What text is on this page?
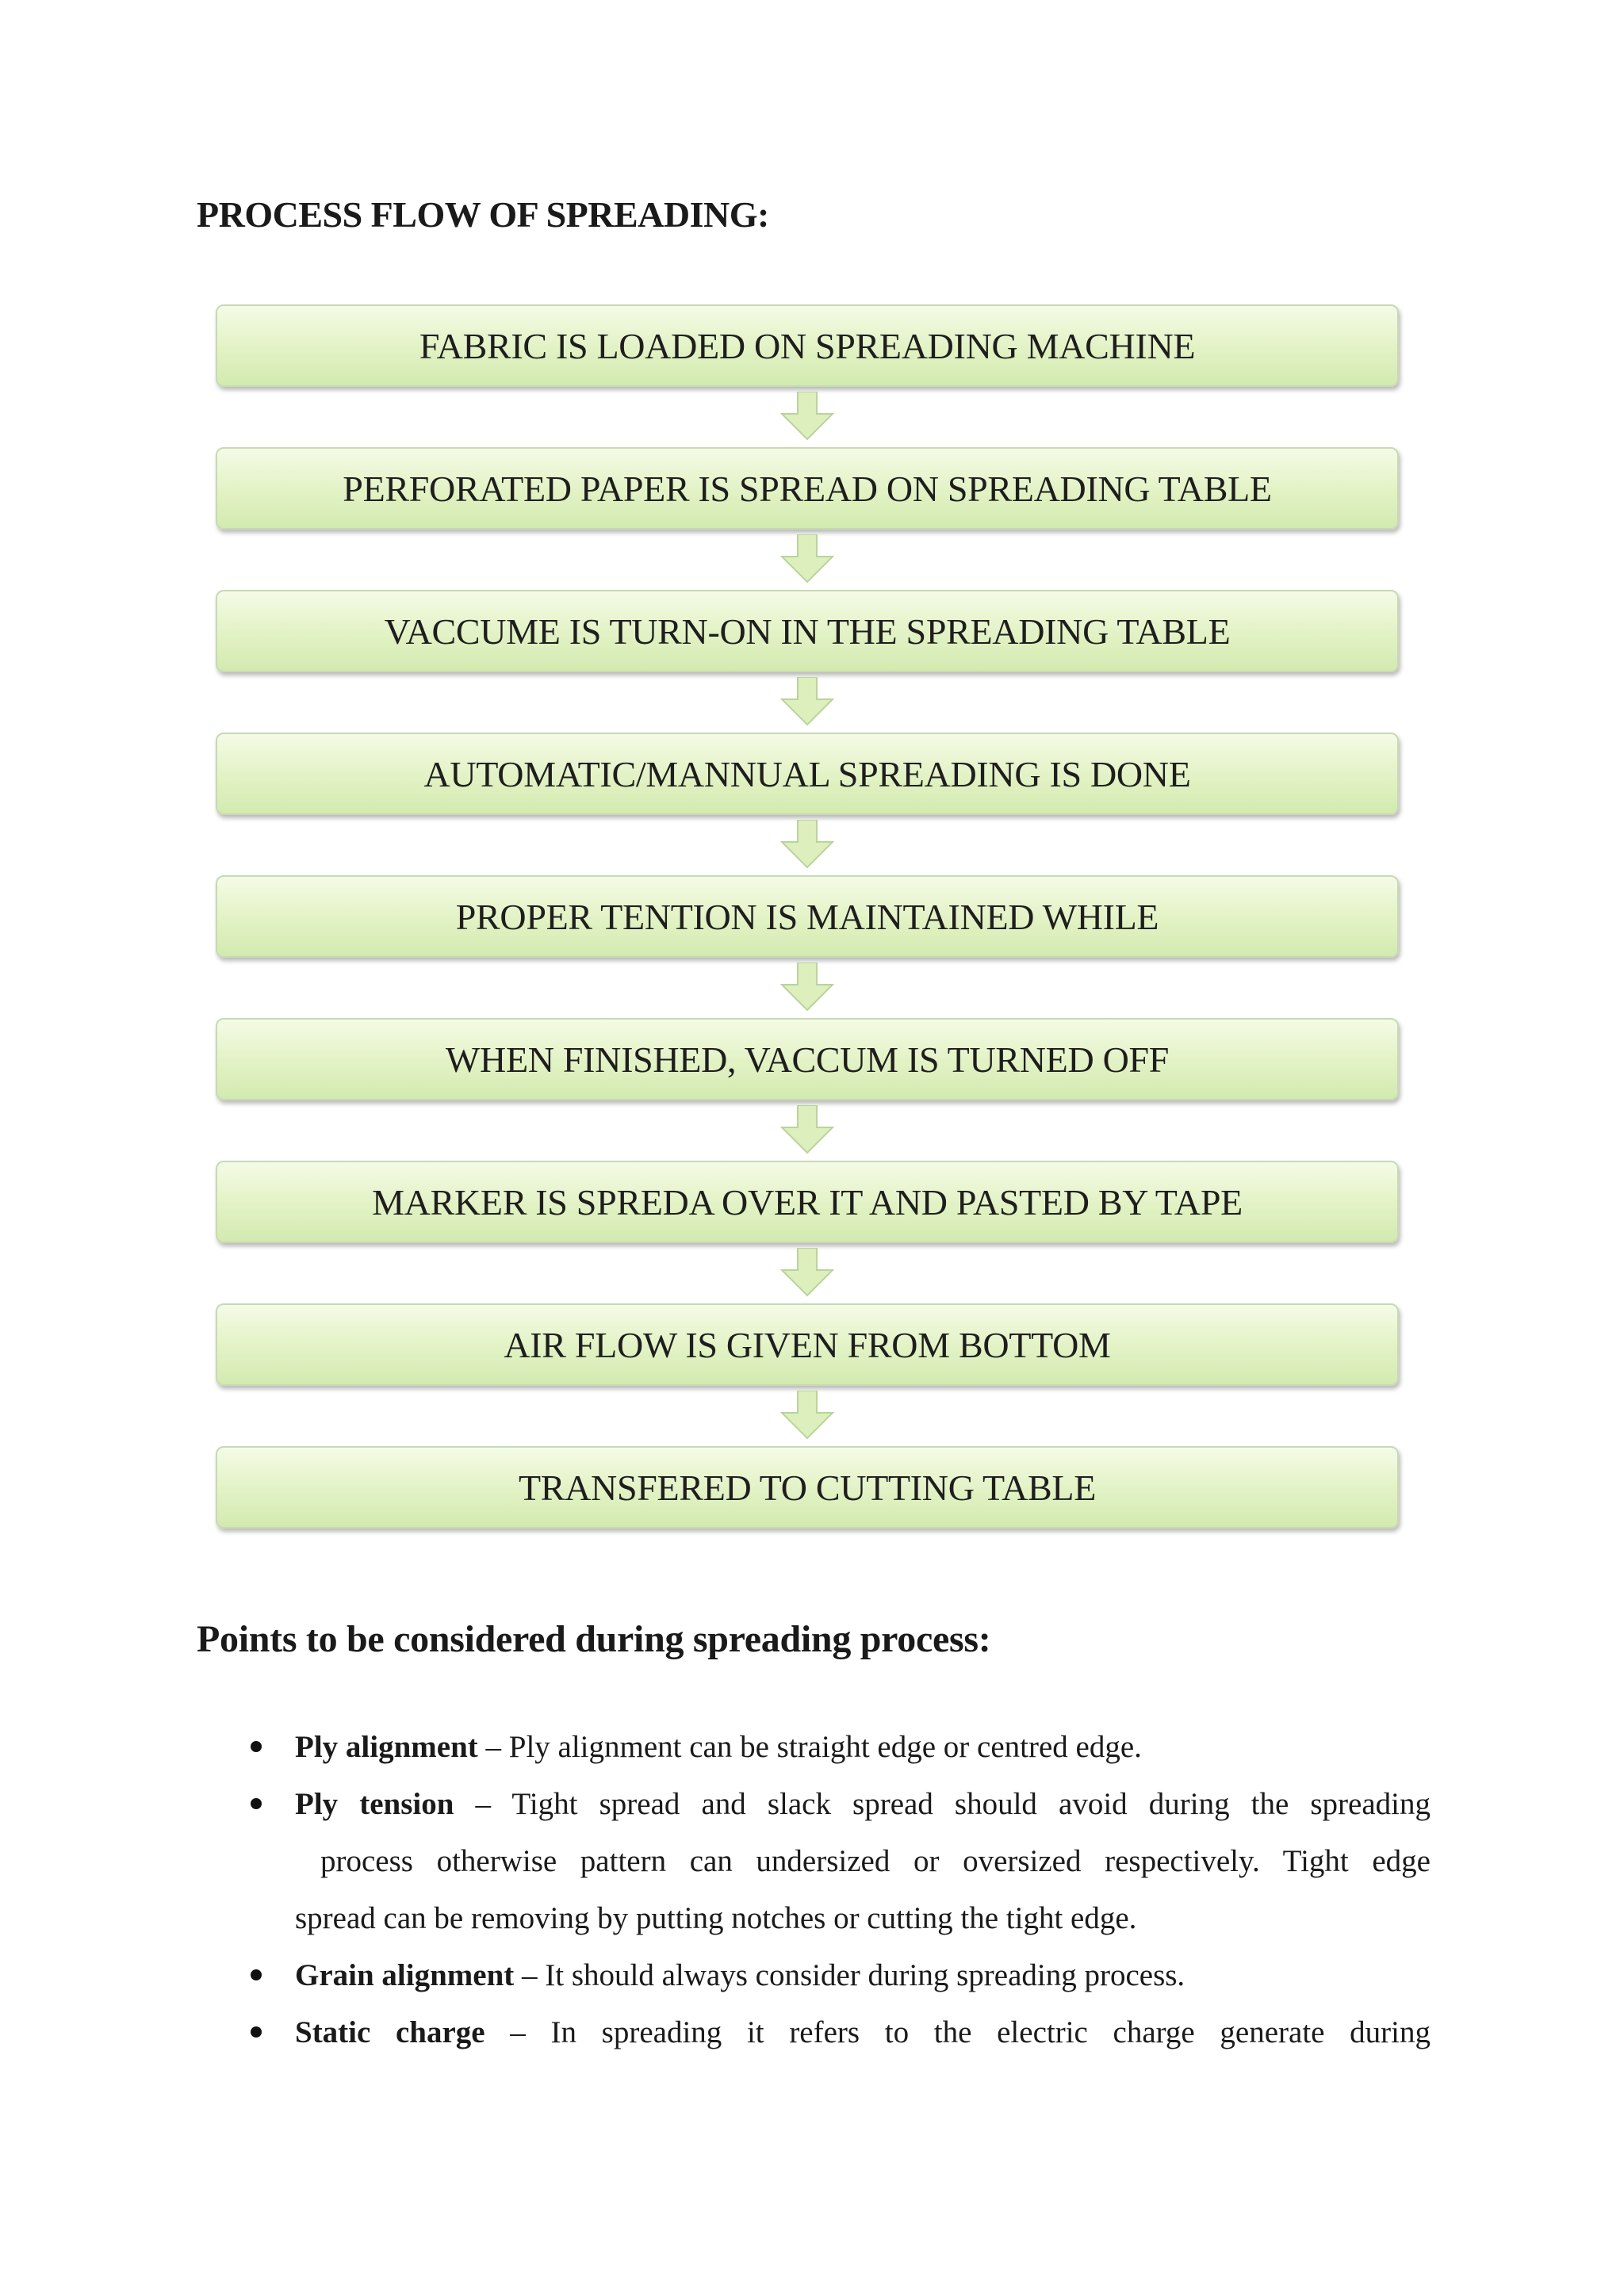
PROCESS FLOW OF SPREADING:
FABRIC IS LOADED ON SPREADING MACHINE
PERFORATED PAPER IS SPREAD ON SPREADING TABLE
VACCUME IS TURN-ON IN THE SPREADING TABLE
AUTOMATIC/MANNUAL SPREADING IS DONE
PROPER TENTION IS MAINTAINED WHILE
WHEN FINISHED, VACCUM IS TURNED OFF
MARKER IS SPREDA OVER IT AND PASTED BY TAPE
AIR FLOW IS GIVEN FROM BOTTOM
TRANSFERED TO CUTTING TABLE
Points to be considered during spreading process:
Ply alignment – Ply alignment can be straight edge or centred edge.
Ply tension – Tight spread and slack spread should avoid during the spreading
process otherwise pattern can undersized or oversized respectively. Tight edge
spread can be removing by putting notches or cutting the tight edge.
Grain alignment – It should always consider during spreading process.
Static charge – In spreading it refers to the electric charge generate during
